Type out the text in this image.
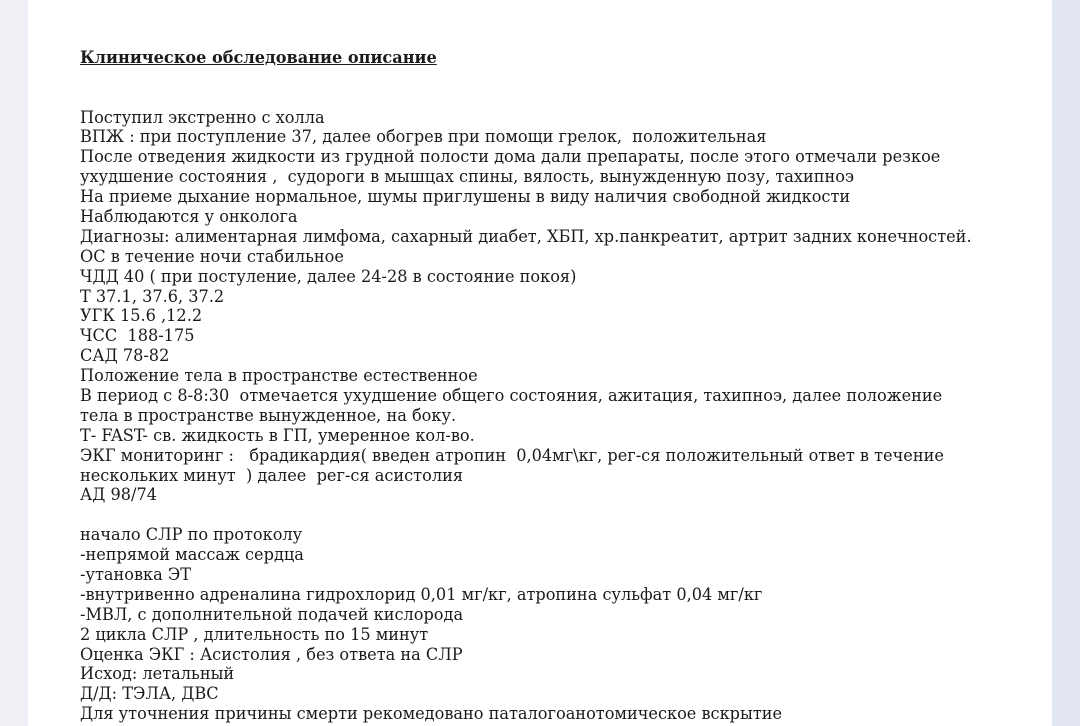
Клиническое обследование описание

Поступил экстренно с холла
ВПЖ : при поступление 37, далее обогрев при помощи грелок,  положительная
После отведения жидкости из грудной полости дома дали препараты, после этого отмечали резкое
ухудшение состояния ,  судороги в мышцах спины, вялость, вынужденную позу, тахипноэ
На приеме дыхание нормальное, шумы приглушены в виду наличия свободной жидкости
Наблюдаются у онколога
Диагнозы: алиментарная лимфома, сахарный диабет, ХБП, хр.панкреатит, артрит задних конечностей.
ОС в течение ночи стабильное
ЧДД 40 ( при постулениe, далее 24-28 в состояние покоя)
Т 37.1, 37.6, 37.2
УГК 15.6 ,12.2
ЧСС  188-175
САД 78-82
Положение тела в пространстве естественное
В период с 8-8:30  отмечается ухудшение общего состояния, ажитация, тахипноэ, далее положение
тела в пространстве вынужденное, на боку.
Т- FAST- св. жидкость в ГП, умеренное кол-во.
ЭКГ мониторинг :   брадикардия( введен атропин  0,04мг\кг, рег-ся положительный ответ в течение
нескольких минут  ) далее  рег-ся асистолия
АД 98/74
начало СЛР по протоколу
-непрямой массаж сердца
-утановка ЭТ
-внутривенно адреналина гидрохлорид 0,01 мг/кг, атропина сульфат 0,04 мг/кг
-МВЛ, с дополнительной подачей кислорода
2 цикла СЛР , длительность по 15 минут
Оценка ЭКГ : Асистолия , без ответа на СЛР
Исход: летальный
Д/Д: ТЭЛА, ДВС
Для уточнения причины смерти рекомедовано паталогоанотомическое вскрытие
